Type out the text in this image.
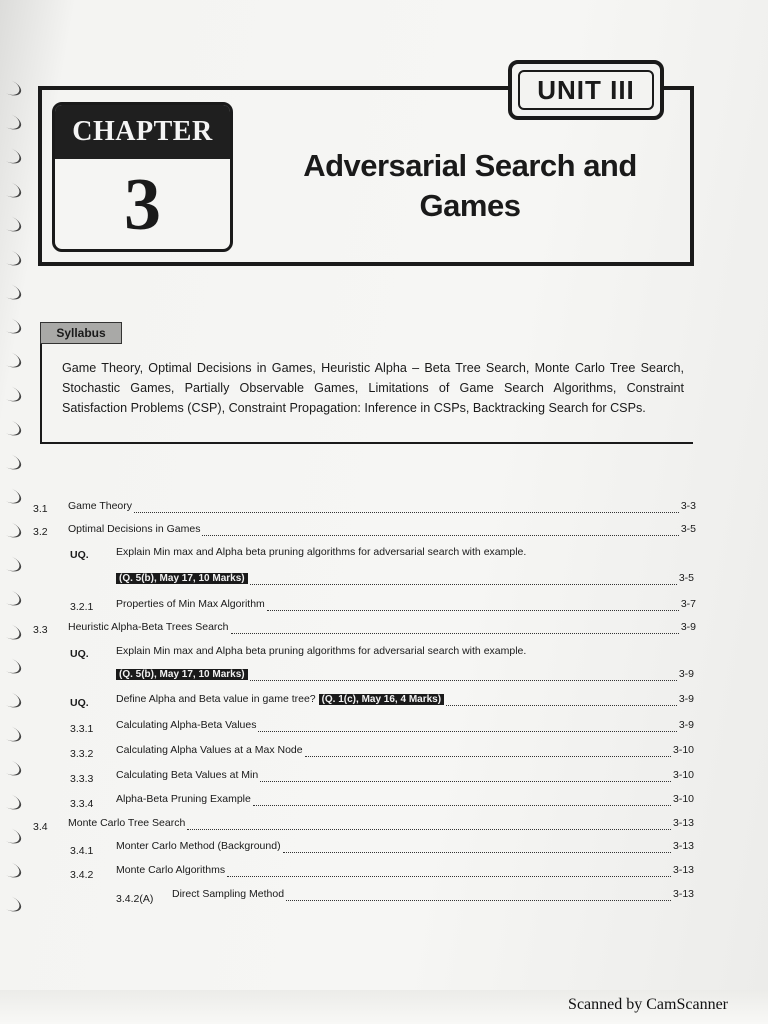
UNIT III
CHAPTER
3	Adversarial Search and
Games
Syllabus
Game Theory, Optimal Decisions in Games, Heuristic Alpha – Beta Tree Search, Monte Carlo Tree Search, Stochastic Games, Partially Observable Games, Limitations of Game Search Algorithms, Constraint Satisfaction Problems (CSP), Constraint Propagation: Inference in CSPs, Backtracking Search for CSPs.
3.1 Game Theory	3-3
3.2 Optimal Decisions in Games	3-5
UQ.	Explain Min max and Alpha beta pruning algorithms for adversarial search with example.
(Q. 5(b), May 17, 10 Marks)	3-5
3.2.1 Properties of Min Max Algorithm	3-7
3.3 Heuristic Alpha-Beta Trees Search	3-9
UQ.	Explain Min max and Alpha beta pruning algorithms for adversarial search with example.
(Q. 5(b), May 17, 10 Marks)	3-9
UQ.	Define Alpha and Beta value in game tree?
(Q. 1(c), May 16, 4 Marks)	3-9
3.3.1 Calculating Alpha-Beta Values	3-9
3.3.2 Calculating Alpha Values at a Max Node	3-10
3.3.3 Calculating Beta Values at Min	3-10
3.3.4 Alpha-Beta Pruning Example	3-10
3.4 Monte Carlo Tree Search	3-13
3.4.1 Monter Carlo Method (Background)	3-13
3.4.2 Monte Carlo Algorithms	3-13
3.4.2(A) Direct Sampling Method	3-13
Scanned by CamScanner
